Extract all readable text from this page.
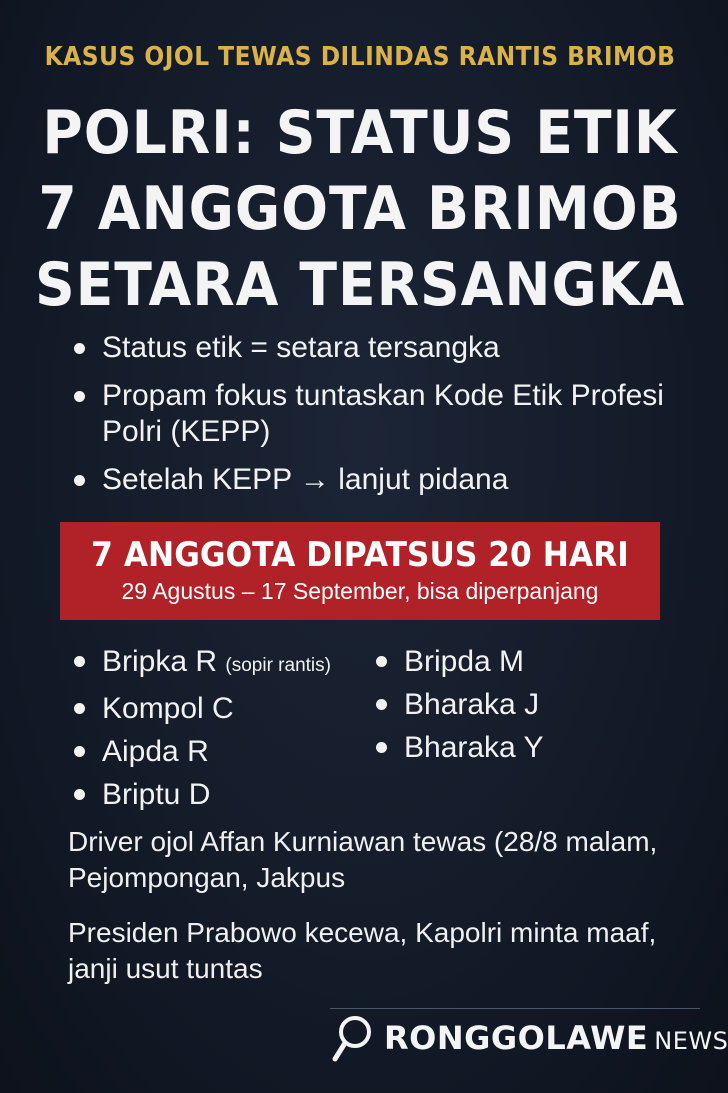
KASUS OJOL TEWAS DILINDAS RANTIS BRIMOB
POLRI: STATUS ETIK
7 ANGGOTA BRIMOB
SETARA TERSANGKA
Status etik = setara tersangka
Propam fokus tuntaskan Kode Etik Profesi Polri (KEPP)
Setelah KEPP → lanjut pidana
7 ANGGOTA DIPATSUS 20 HARI
29 Agustus – 17 September, bisa diperpanjang
Bripka R (sopir rantis)
Kompol C
Aipda R
Briptu D
Bripda M
Bharaka J
Bharaka Y
Driver ojol Affan Kurniawan tewas (28/8 malam, Pejompongan, Jakpus
Presiden Prabowo kecewa, Kapolri minta maaf, janji usut tuntas
RONGGOLAWE NEWS
